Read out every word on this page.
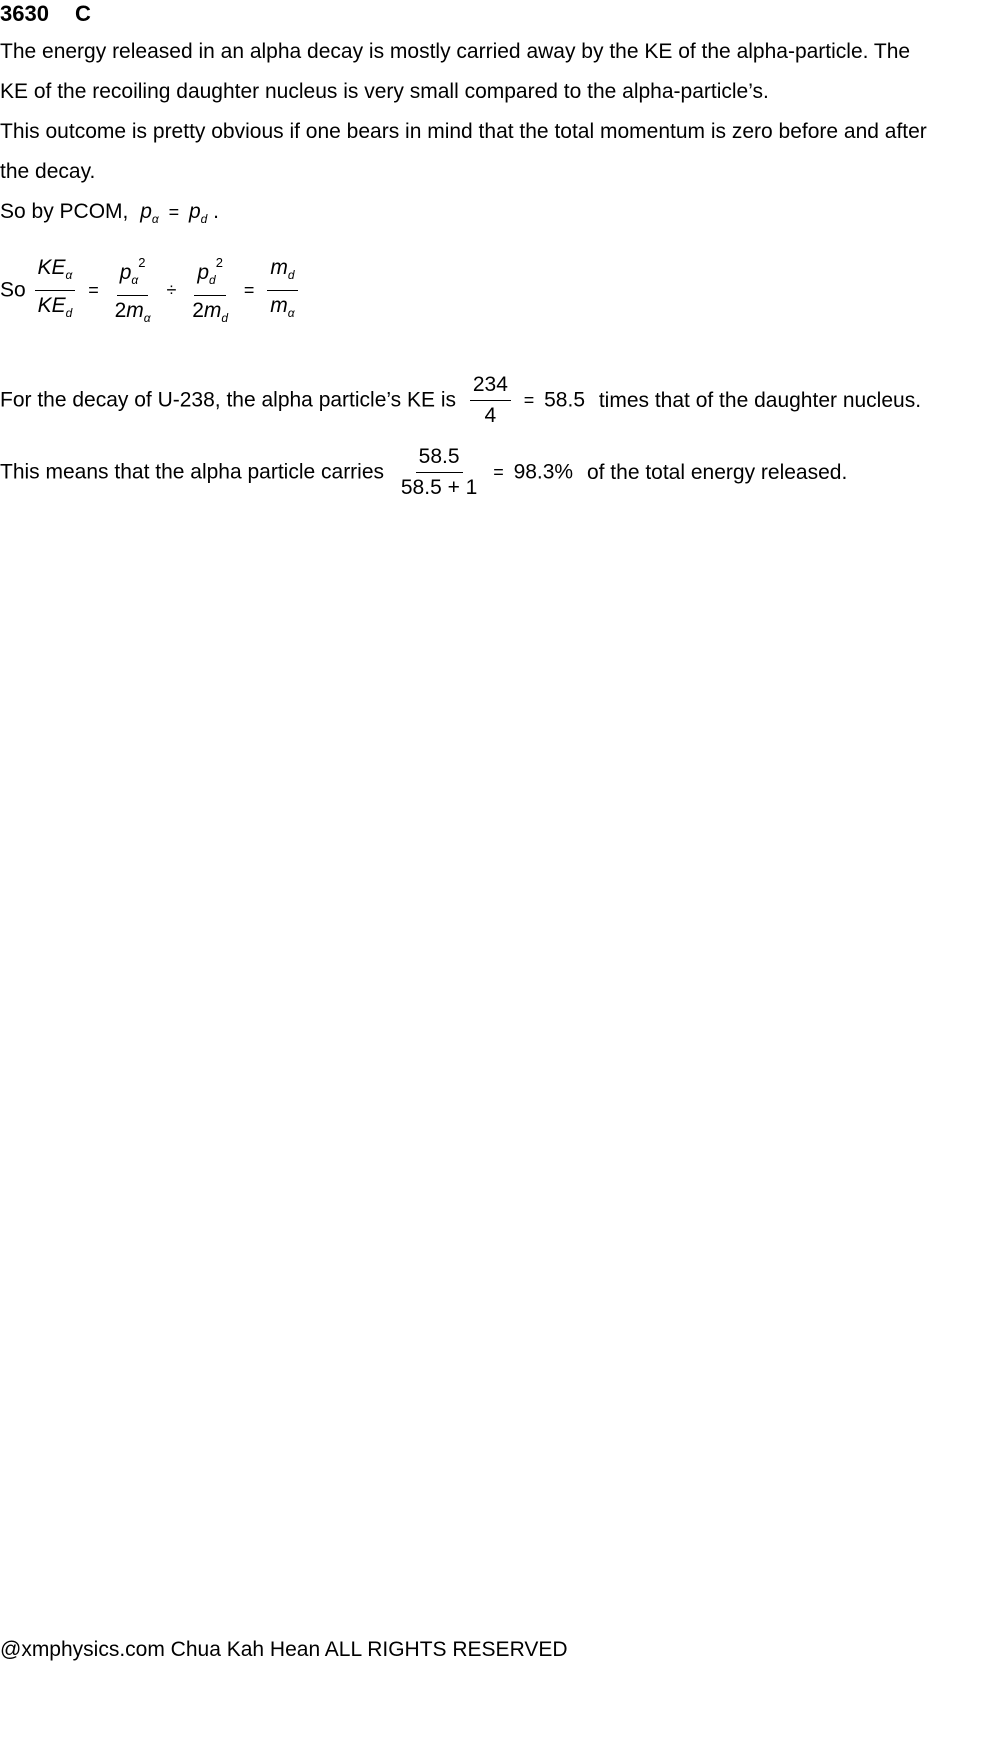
3630 C
The energy released in an alpha decay is mostly carried away by the KE of the alpha-particle. The
KE of the recoiling daughter nucleus is very small compared to the alpha-particle’s.
This outcome is pretty obvious if one bears in mind that the total momentum is zero before and after
the decay.
So by PCOM, $p_\alpha = p_d$ .
So $\frac{KE_\alpha}{KE_d} = \frac{p_\alpha^2}{2m_\alpha} \div \frac{p_d^2}{2m_d} = \frac{m_d}{m_\alpha}$
For the decay of U-238, the alpha particle’s KE is $\frac{234}{4} = 58.5$ times that of the daughter nucleus.
This means that the alpha particle carries $\frac{58.5}{58.5 + 1} = 98.3\%$ of the total energy released.
@xmphysics.com Chua Kah Hean ALL RIGHTS RESERVED
